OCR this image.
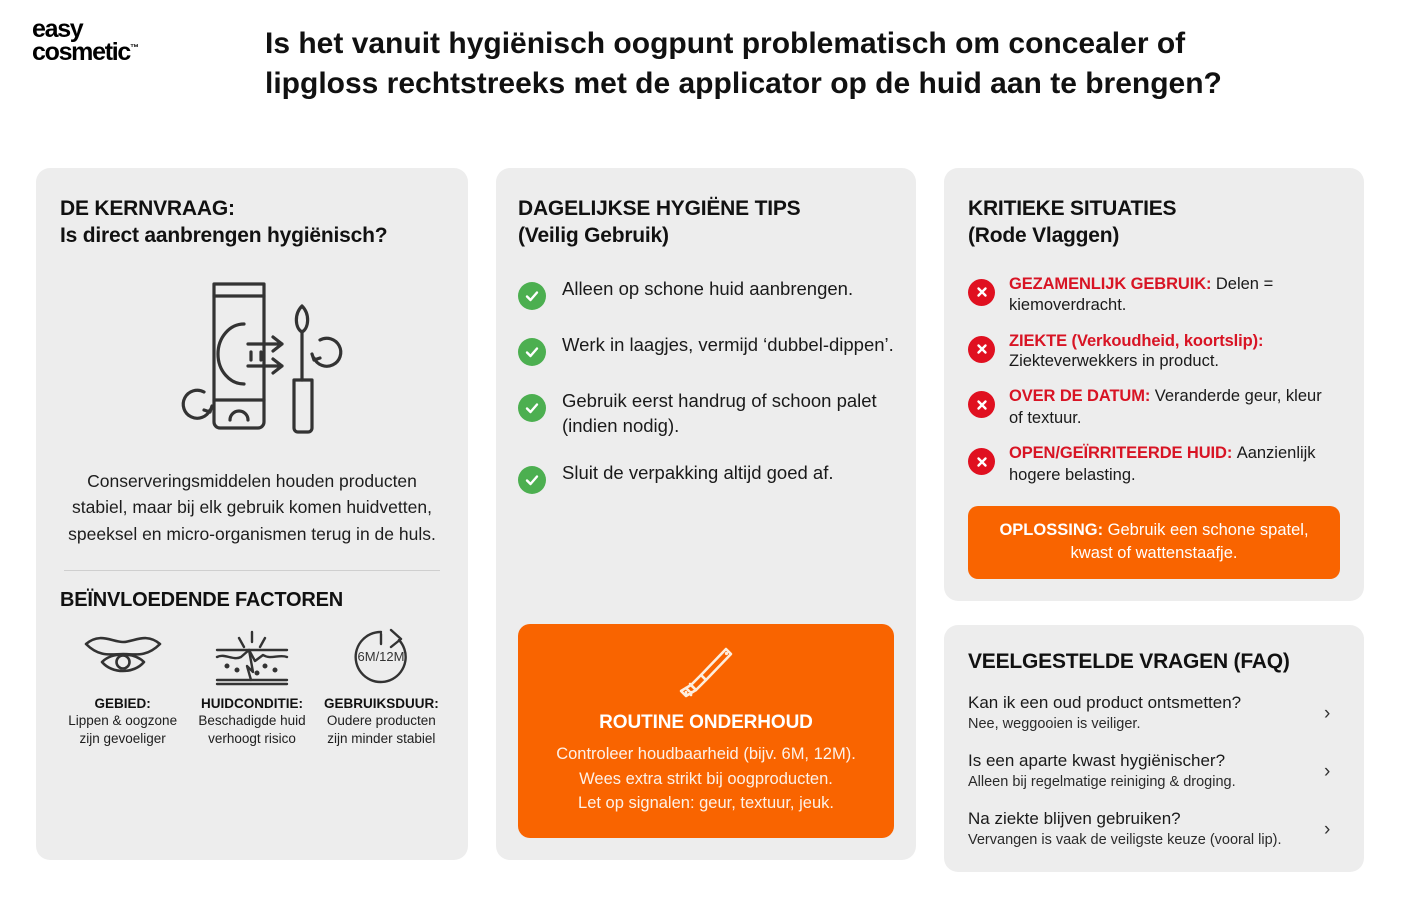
easy
cosmetic™	Is het vanuit hygiënisch oogpunt problematisch om concealer of lipgloss rechtstreeks met de applicator op de huid aan te brengen?
DE KERNVRAAG:
Is direct aanbrengen hygiënisch?
Conserveringsmiddelen houden producten stabiel, maar bij elk gebruik komen huidvetten, speeksel en micro-organismen terug in de huls.
BEÏNVLOEDENDE FACTOREN
GEBIED:
Lippen & oogzone zijn gevoeliger
HUIDCONDITIE:
Beschadigde huid verhoogt risico
6M/12M
GEBRUIKSDUUR:
Oudere producten zijn minder stabiel
DAGELIJKSE HYGIËNE TIPS
(Veilig Gebruik)
Alleen op schone huid aanbrengen.
Werk in laagjes, vermijd ‘dubbel-dippen’.
Gebruik eerst handrug of schoon palet (indien nodig).
Sluit de verpakking altijd goed af.
ROUTINE ONDERHOUD
Controleer houdbaarheid (bijv. 6M, 12M).
Wees extra strikt bij oogproducten.
Let op signalen: geur, textuur, jeuk.
KRITIEKE SITUATIES
(Rode Vlaggen)
GEZAMENLIJK GEBRUIK: Delen = kiemoverdracht.
ZIEKTE (Verkoudheid, koortslip): Ziekteverwekkers in product.
OVER DE DATUM: Veranderde geur, kleur of textuur.
OPEN/GEÏRRITEERDE HUID: Aanzienlijk hogere belasting.
OPLOSSING: Gebruik een schone spatel, kwast of wattenstaafje.
VEELGESTELDE VRAGEN (FAQ)
Kan ik een oud product ontsmetten?
Nee, weggooien is veiliger.
›
Is een aparte kwast hygiënischer?
Alleen bij regelmatige reiniging & droging.
›
Na ziekte blijven gebruiken?
Vervangen is vaak de veiligste keuze (vooral lip).
›
